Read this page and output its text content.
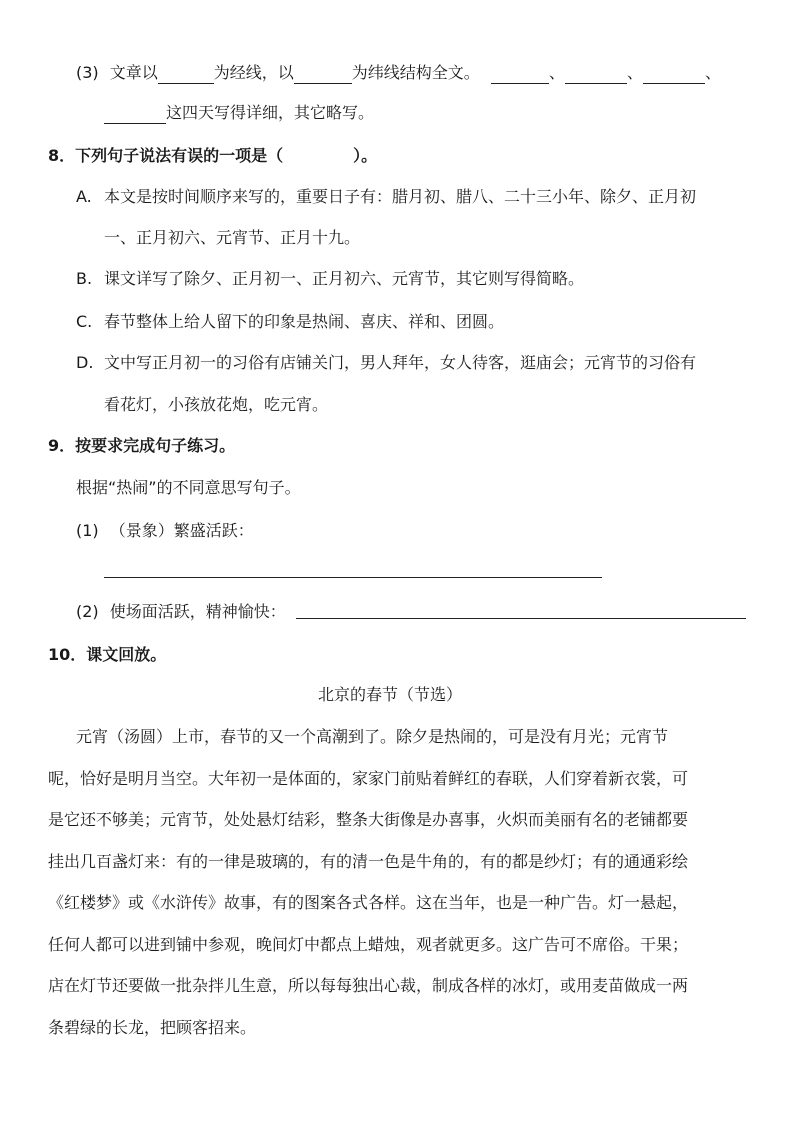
(3) 文章以	为经线，以	为纬线结构全文。	、	、	、
这四天写得详细，其它略写。
8．下列句子说法有误的一项是（	）。
A. 本文是按时间顺序来写的，重要日子有：腊月初、腊八、二十三小年、除夕、正月初
一、正月初六、元宵节、正月十九。
B. 课文详写了除夕、正月初一、正月初六、元宵节，其它则写得简略。
C. 春节整体上给人留下的印象是热闹、喜庆、祥和、团圆。
D. 文中写正月初一的习俗有店铺关门，男人拜年，女人待客，逛庙会；元宵节的习俗有
看花灯，小孩放花炮，吃元宵。
9．按要求完成句子练习。
根据“热闹”的不同意思写句子。
(1) （景象）繁盛活跃：
(2) 使场面活跃，精神愉快：
10．课文回放。
北京的春节（节选）
元宵（汤圆）上市，春节的又一个高潮到了。除夕是热闹的，可是没有月光；元宵节
呢，恰好是明月当空。大年初一是体面的，家家门前贴着鲜红的春联，人们穿着新衣裳，可
是它还不够美；元宵节，处处悬灯结彩，整条大街像是办喜事，火炽而美丽有名的老铺都要
挂出几百盏灯来：有的一律是玻璃的，有的清一色是牛角的，有的都是纱灯；有的通通彩绘
《红楼梦》或《水浒传》故事，有的图案各式各样。这在当年，也是一种广告。灯一悬起，
任何人都可以进到铺中参观，晚间灯中都点上蜡烛，观者就更多。这广告可不席俗。干果；
店在灯节还要做一批杂拌儿生意，所以每每独出心裁，制成各样的冰灯，或用麦苗做成一两
条碧绿的长龙，把顾客招来。
